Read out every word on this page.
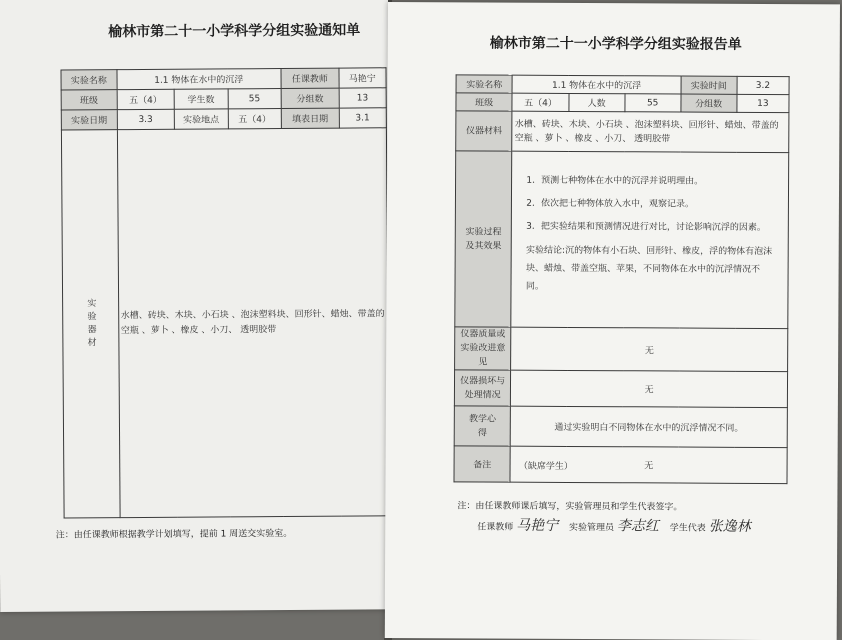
榆林市第二十一小学科学分组实验通知单
实验名称	1.1 物体在水中的沉浮			任课教师	马艳宁
班级	五（4）	学生数	55	分组数	13
实验日期	3.3	实验地点	五（4）	填表日期	3.1
实验器材	水槽、砖块、木块、小石块 、泡沫塑料块、回形针、蜡烛、带盖的空瓶 、萝卜 、橡皮 、小刀、 透明胶带				
注：由任课教师根据教学计划填写，提前 1 周送交实验室。
榆林市第二十一小学科学分组实验报告单
实验名称	1.1 物体在水中的沉浮			实验时间	3.2
班级	五（4）	人数	55	分组数	13
仪器材料	水槽、砖块、木块、小石块 、泡沫塑料块、回形针、蜡烛、带盖的空瓶 、萝卜 、橡皮 、小刀、 透明胶带				
实验过程及其效果	1．预测七种物体在水中的沉浮并说明理由。

2．依次把七种物体放入水中，观察记录。

3．把实验结果和预测情况进行对比，讨论影响沉浮的因素。

实验结论:沉的物体有小石块、回形针、橡皮，浮的物体有泡沫块、蜡烛、带盖空瓶、苹果，不同物体在水中的沉浮情况不同。				

仪器质量或实验改进意见	无				
仪器损坏与处理情况	无				
教学心得	通过实验明白不同物体在水中的沉浮情况不同。				
备注	（缺席学生） 无				
注：由任课教师课后填写，实验管理员和学生代表签字。
任课教师 马艳宁 实验管理员 李志红 学生代表 张逸林
